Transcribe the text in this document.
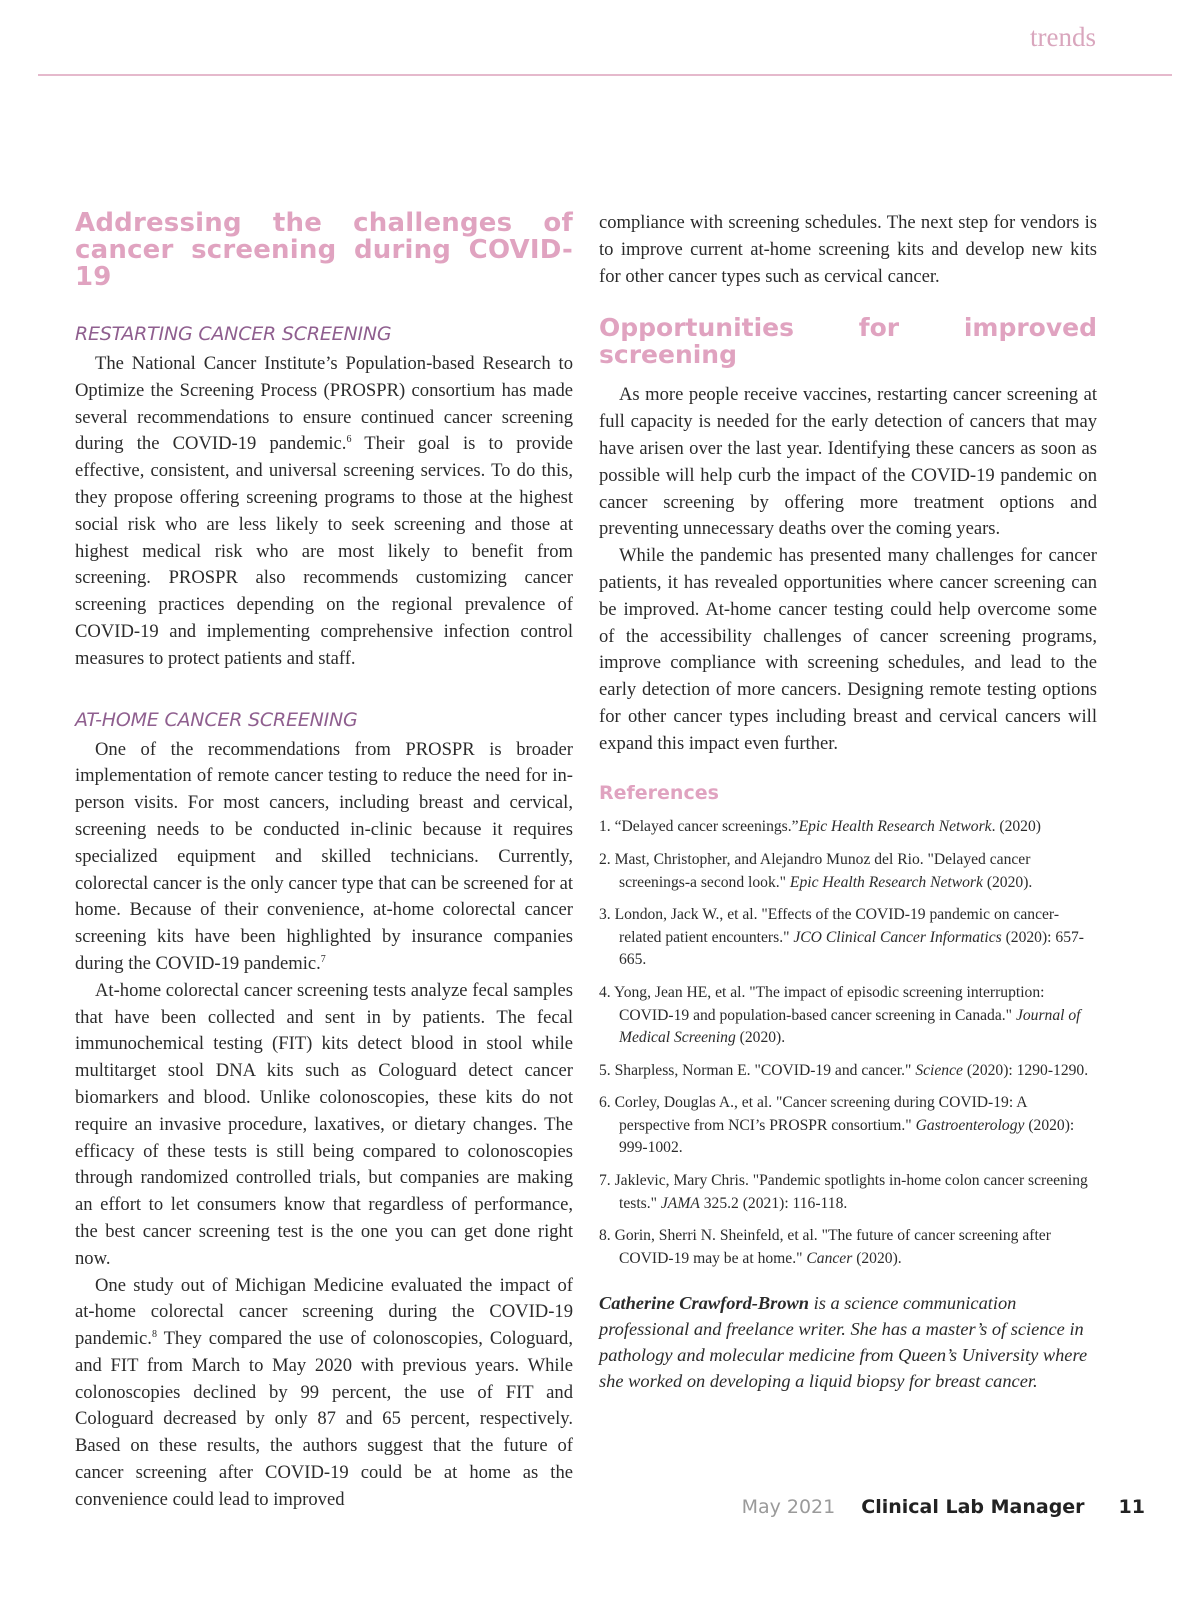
trends
Addressing the challenges of cancer screening during COVID-19
RESTARTING CANCER SCREENING

The National Cancer Institute’s Population-based Research to Optimize the Screening Process (PROSPR) consortium has made several recommendations to ensure continued cancer screening during the COVID-19 pandemic.$^6$ Their goal is to provide effective, consistent, and universal screening services. To do this, they propose offering screening programs to those at the highest social risk who are less likely to seek screening and those at highest medical risk who are most likely to benefit from screening. PROSPR also recommends customizing cancer screening practices depending on the regional prevalence of COVID-19 and implementing comprehensive infection control measures to protect patients and staff.

AT-HOME CANCER SCREENING

One of the recommendations from PROSPR is broader implementation of remote cancer testing to reduce the need for in-person visits. For most cancers, including breast and cervical, screening needs to be conducted in-clinic because it requires specialized equipment and skilled technicians. Currently, colorectal cancer is the only cancer type that can be screened for at home. Because of their convenience, at-home colorectal cancer screening kits have been highlighted by insurance companies during the COVID-19 pandemic.$^7$

At-home colorectal cancer screening tests analyze fecal samples that have been collected and sent in by patients. The fecal immunochemical testing (FIT) kits detect blood in stool while multitarget stool DNA kits such as Cologuard detect cancer biomarkers and blood. Unlike colonoscopies, these kits do not require an invasive procedure, laxatives, or dietary changes. The efficacy of these tests is still being compared to colonoscopies through randomized controlled trials, but companies are making an effort to let consumers know that regardless of performance, the best cancer screening test is the one you can get done right now.

One study out of Michigan Medicine evaluated the impact of at-home colorectal cancer screening during the COVID-19 pandemic.$^8$ They compared the use of colonoscopies, Cologuard, and FIT from March to May 2020 with previous years. While colonoscopies declined by 99 percent, the use of FIT and Cologuard decreased by only 87 and 65 percent, respectively. Based on these results, the authors suggest that the future of cancer screening after COVID-19 could be at home as the convenience could lead to improved

compliance with screening schedules. The next step for vendors is to improve current at-home screening kits and develop new kits for other cancer types such as cervical cancer.

Opportunities for improved screening

As more people receive vaccines, restarting cancer screening at full capacity is needed for the early detection of cancers that may have arisen over the last year. Identifying these cancers as soon as possible will help curb the impact of the COVID-19 pandemic on cancer screening by offering more treatment options and preventing unnecessary deaths over the coming years.

While the pandemic has presented many challenges for cancer patients, it has revealed opportunities where cancer screening can be improved. At-home cancer testing could help overcome some of the accessibility challenges of cancer screening programs, improve compliance with screening schedules, and lead to the early detection of more cancers. Designing remote testing options for other cancer types including breast and cervical cancers will expand this impact even further.

References
1. “Delayed cancer screenings.”Epic Health Research Network. (2020)
2. Mast, Christopher, and Alejandro Munoz del Rio. "Delayed cancer screenings-a second look." Epic Health Research Network (2020).
3. London, Jack W., et al. "Effects of the COVID-19 pandemic on cancer-related patient encounters." JCO Clinical Cancer Informatics (2020): 657-665.
4. Yong, Jean HE, et al. "The impact of episodic screening interruption: COVID-19 and population-based cancer screening in Canada." Journal of Medical Screening (2020).
5. Sharpless, Norman E. "COVID-19 and cancer." Science (2020): 1290-1290.
6. Corley, Douglas A., et al. "Cancer screening during COVID-19: A perspective from NCI’s PROSPR consortium." Gastroenterology (2020): 999-1002.
7. Jaklevic, Mary Chris. "Pandemic spotlights in-home colon cancer screening tests." JAMA 325.2 (2021): 116-118.
8. Gorin, Sherri N. Sheinfeld, et al. "The future of cancer screening after COVID-19 may be at home." Cancer (2020).
Catherine Crawford-Brown is a science communication professional and freelance writer. She has a master’s of science in pathology and molecular medicine from Queen’s University where she worked on developing a liquid biopsy for breast cancer.
May 2021 Clinical Lab Manager 11
